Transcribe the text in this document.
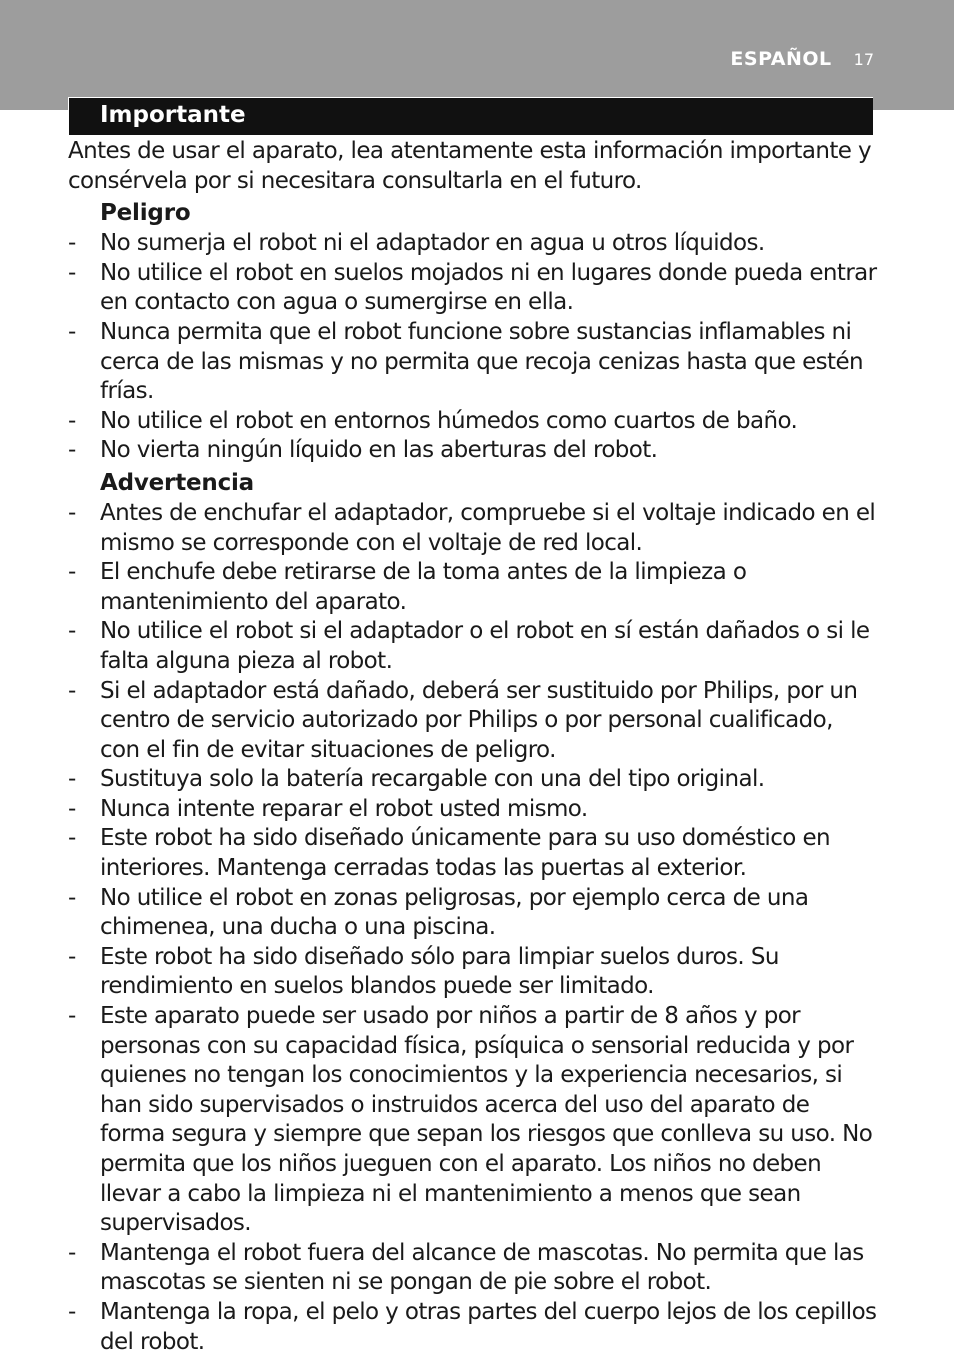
ESPAÑOL 17
Importante

Antes de usar el aparato, lea atentamente esta información importante y consérvela por si necesitara consultarla en el futuro.

Peligro
- No sumerja el robot ni el adaptador en agua u otros líquidos.
- No utilice el robot en suelos mojados ni en lugares donde pueda entrar en contacto con agua o sumergirse en ella.
- Nunca permita que el robot funcione sobre sustancias inflamables ni cerca de las mismas y no permita que recoja cenizas hasta que estén frías.
- No utilice el robot en entornos húmedos como cuartos de baño.
- No vierta ningún líquido en las aberturas del robot.
Advertencia
- Antes de enchufar el adaptador, compruebe si el voltaje indicado en el mismo se corresponde con el voltaje de red local.
- El enchufe debe retirarse de la toma antes de la limpieza o mantenimiento del aparato.
- No utilice el robot si el adaptador o el robot en sí están dañados o si le falta alguna pieza al robot.
- Si el adaptador está dañado, deberá ser sustituido por Philips, por un centro de servicio autorizado por Philips o por personal cualificado, con el fin de evitar situaciones de peligro.
- Sustituya solo la batería recargable con una del tipo original.
- Nunca intente reparar el robot usted mismo.
- Este robot ha sido diseñado únicamente para su uso doméstico en interiores. Mantenga cerradas todas las puertas al exterior.
- No utilice el robot en zonas peligrosas, por ejemplo cerca de una chimenea, una ducha o una piscina.
- Este robot ha sido diseñado sólo para limpiar suelos duros. Su rendimiento en suelos blandos puede ser limitado.
- Este aparato puede ser usado por niños a partir de 8 años y por personas con su capacidad física, psíquica o sensorial reducida y por quienes no tengan los conocimientos y la experiencia necesarios, si han sido supervisados o instruidos acerca del uso del aparato de forma segura y siempre que sepan los riesgos que conlleva su uso. No permita que los niños jueguen con el aparato. Los niños no deben llevar a cabo la limpieza ni el mantenimiento a menos que sean supervisados.
- Mantenga el robot fuera del alcance de mascotas. No permita que las mascotas se sienten ni se pongan de pie sobre el robot.
- Mantenga la ropa, el pelo y otras partes del cuerpo lejos de los cepillos del robot.
